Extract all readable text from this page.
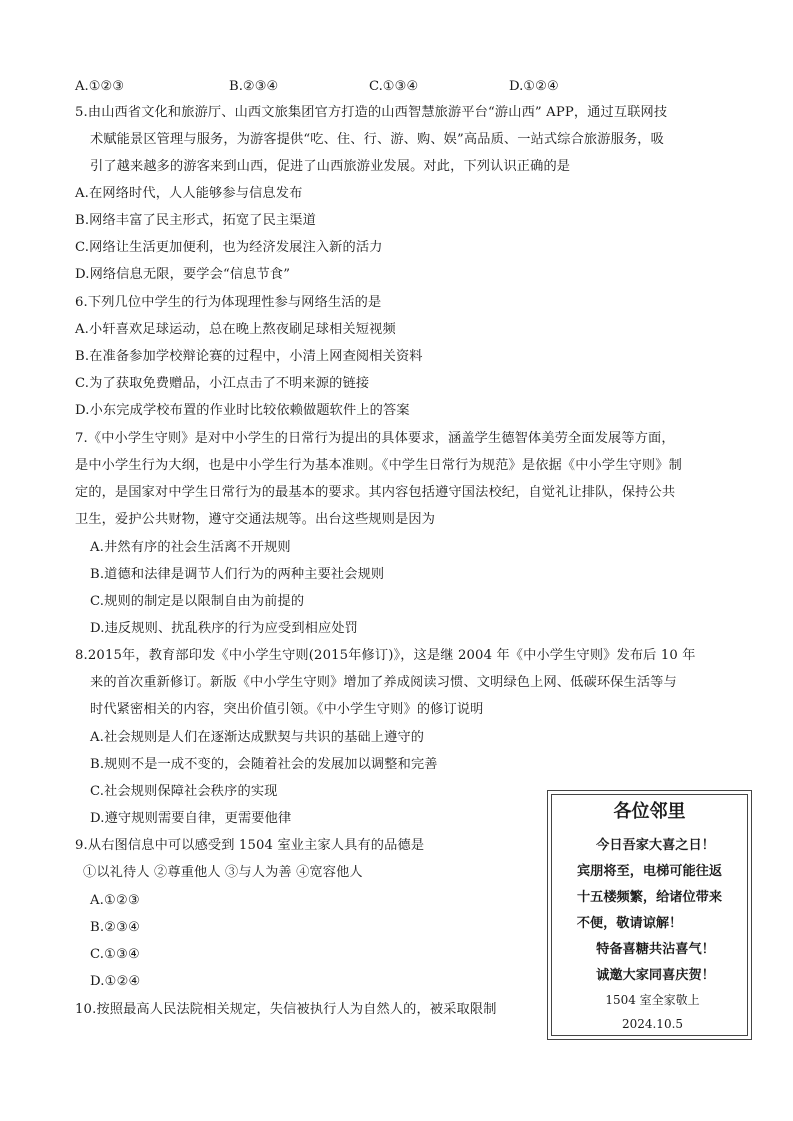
A.①②③	B.②③④	C.①③④	D.①②④
5.由山西省文化和旅游厅、山西文旅集团官方打造的山西智慧旅游平台“游山西” APP，通过互联网技
术赋能景区管理与服务，为游客提供“吃、住、行、游、购、娱”高品质、一站式综合旅游服务，吸
引了越来越多的游客来到山西，促进了山西旅游业发展。对此，下列认识正确的是
A.在网络时代，人人能够参与信息发布
B.网络丰富了民主形式，拓宽了民主渠道
C.网络让生活更加便利，也为经济发展注入新的活力
D.网络信息无限，要学会“信息节食”
6.下列几位中学生的行为体现理性参与网络生活的是
A.小轩喜欢足球运动，总在晚上熬夜刷足球相关短视频
B.在准备参加学校辩论赛的过程中，小清上网查阅相关资料
C.为了获取免费赠品，小江点击了不明来源的链接
D.小东完成学校布置的作业时比较依赖做题软件上的答案
7.《中小学生守则》是对中小学生的日常行为提出的具体要求，涵盖学生德智体美劳全面发展等方面，
是中小学生行为大纲，也是中小学生行为基本准则。《中学生日常行为规范》是依据《中小学生守则》制
定的，是国家对中学生日常行为的最基本的要求。其内容包括遵守国法校纪，自觉礼让排队，保持公共
卫生，爱护公共财物，遵守交通法规等。出台这些规则是因为
A.井然有序的社会生活离不开规则
B.道德和法律是调节人们行为的两种主要社会规则
C.规则的制定是以限制自由为前提的
D.违反规则、扰乱秩序的行为应受到相应处罚
8.2015年，教育部印发《中小学生守则(2015年修订)》，这是继 2004 年《中小学生守则》发布后 10 年
来的首次重新修订。新版《中小学生守则》增加了养成阅读习惯、文明绿色上网、低碳环保生活等与
时代紧密相关的内容，突出价值引领。《中小学生守则》的修订说明
A.社会规则是人们在逐渐达成默契与共识的基础上遵守的
B.规则不是一成不变的，会随着社会的发展加以调整和完善
C.社会规则保障社会秩序的实现
D.遵守规则需要自律，更需要他律
9.从右图信息中可以感受到 1504 室业主家人具有的品德是
①以礼待人 ②尊重他人 ③与人为善 ④宽容他人
A.①②③
B.②③④
C.①③④
D.①②④
10.按照最高人民法院相关规定，失信被执行人为自然人的，被采取限制
各位邻里
今日吾家大喜之日！
宾朋将至，电梯可能往返
十五楼频繁，给诸位带来
不便，敬请谅解！
特备喜糖共沾喜气！
诚邀大家同喜庆贺！
1504 室全家敬上
2024.10.5
